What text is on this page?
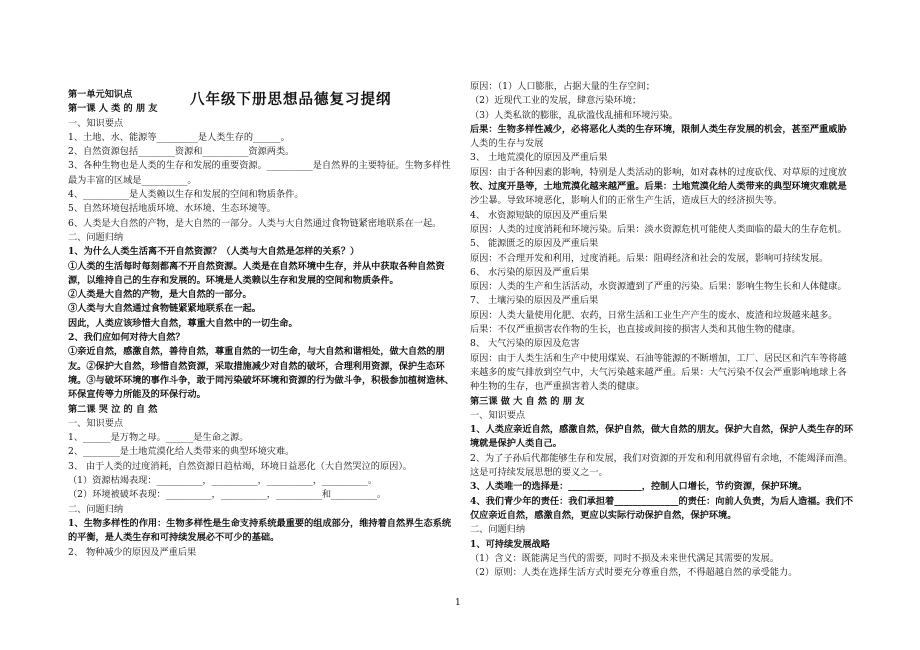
八年级下册思想品德复习提纲
第一单元知识点
第一课 人 类 的 朋 友
一、知识要点
1、土地、水、能源等_________是人类生存的______。
2、自然资源包括________资源和__________资源两类。
3、各种生物也是人类的生存和发展的重要资源。__________是自然界的主要特征。生物多样性
最为丰富的区域是__________。
4、__________是人类赖以生存和发展的空间和物质条件。
5、自然环境包括地质环境、水环境、生态环境等。
6、人类是大自然的产物，是大自然的一部分。人类与大自然通过食物链紧密地联系在一起。
二、问题归纳
1、为什么人类生活离不开自然资源？（人类与大自然是怎样的关系？）
①人类的生活每时每刻都离不开自然资源。人类是在自然环境中生存，并从中获取各种自然资
源，以维持自己的生存和发展的。环境是人类赖以生存和发展的空间和物质条件。
②人类是大自然的产物，是大自然的一部分。
③人类与大自然通过食物链紧紧地联系在一起。
因此，人类应该珍惜大自然，尊重大自然中的一切生命。
2、我们应如何对待大自然？
①亲近自然，感激自然，善待自然，尊重自然的一切生命，与大自然和谐相处，做大自然的朋
友。②保护大自然，珍惜自然资源，采取措施减少对自然的破坏，合理利用资源，保护生态环
境。③与破坏环境的事作斗争，敢于同污染破坏环境和资源的行为做斗争，积极参加植树造林、
环保宣传等力所能及的环保行动。
第二课 哭 泣 的 自 然
一、知识要点
1、______是万物之母。______是生命之源。
2、________是土地荒漠化给人类带来的典型环境灾难。
3、 由于人类的过度消耗，自然资源日趋枯竭，环境日益恶化（大自然哭泣的原因）。
（1）资源枯竭表现：__________，__________，__________，__________。
（2）环境被破坏表现：__________，__________，__________和__________。
二、问题归纳
1、生物多样性的作用：生物多样性是生命支持系统最重要的组成部分，维持着自然界生态系统
的平衡，是人类生存和可持续发展必不可少的基础。
2、 物种减少的原因及严重后果
原因：（1）人口膨胀，占据大量的生存空间；
（2）近现代工业的发展，肆意污染环境；
（3）人类私欲的膨胀，乱砍滥伐乱捕和环境污染。
后果：生物多样性减少，必将恶化人类的生存环境，限制人类生存发展的机会，甚至严重威胁
人类的生存与发展
3、 土地荒漠化的原因及严重后果
原因：由于各种因素的影响，特别是人类活动的影响，如对森林的过度砍伐、对草原的过度放
牧、过度开垦等，土地荒漠化越来越严重。后果：土地荒漠化给人类带来的典型环境灾难就是
沙尘暴。导致环境恶化，影响人们的正常生产生活，造成巨大的经济损失等。
4、 水资源短缺的原因及严重后果
原因：人类的过度消耗和环境污染。后果：淡水资源危机可能使人类面临的最大的生存危机。
5、 能源匮乏的原因及严重后果
原因：不合理开发和利用，过度消耗。后果：阻碍经济和社会的发展，影响可持续发展。
6、 水污染的原因及严重后果
原因：人类的生产和生活活动，水资源遭到了严重的污染。后果：影响生物生长和人体健康。
7、 土壤污染的原因及严重后果
原因：人类大量使用化肥、农药，日常生活和工业生产产生的废水、废渣和垃圾越来越多。
后果：不仅严重损害农作物的生长，也直接或间接的损害人类和其他生物的健康。
8、 大气污染的原因及危害
原因：由于人类生活和生产中使用煤炭、石油等能源的不断增加，工厂、居民区和汽车等将越
来越多的废气排放到空气中，大气污染越来越严重。后果：大气污染不仅会严重影响地球上各
种生物的生存，也严重损害着人类的健康。
第三课 做 大 自 然 的 朋 友
一、知识要点
1、人类应亲近自然，感激自然，保护自然，做大自然的朋友。保护大自然，保护人类生存的环
境就是保护人类自己。
2、为了子孙后代都能够生存和发展，我们对资源的开发和利用就得留有余地，不能竭泽而渔。
这是可持续发展思想的要义之一。
3、人类唯一的选择是：________________，控制人口增长，节约资源，保护环境。
4、我们青少年的责任：我们承担着______________的责任：向前人负责，为后人造福。我们不
仅应亲近自然，感激自然，更应以实际行动保护自然，保护环境。
二、问题归纳
1、可持续发展战略
（1）含义：既能满足当代的需要，同时不损及未来世代满足其需要的发展。
（2）原则：人类在选择生活方式时要充分尊重自然，不得超越自然的承受能力。
1
